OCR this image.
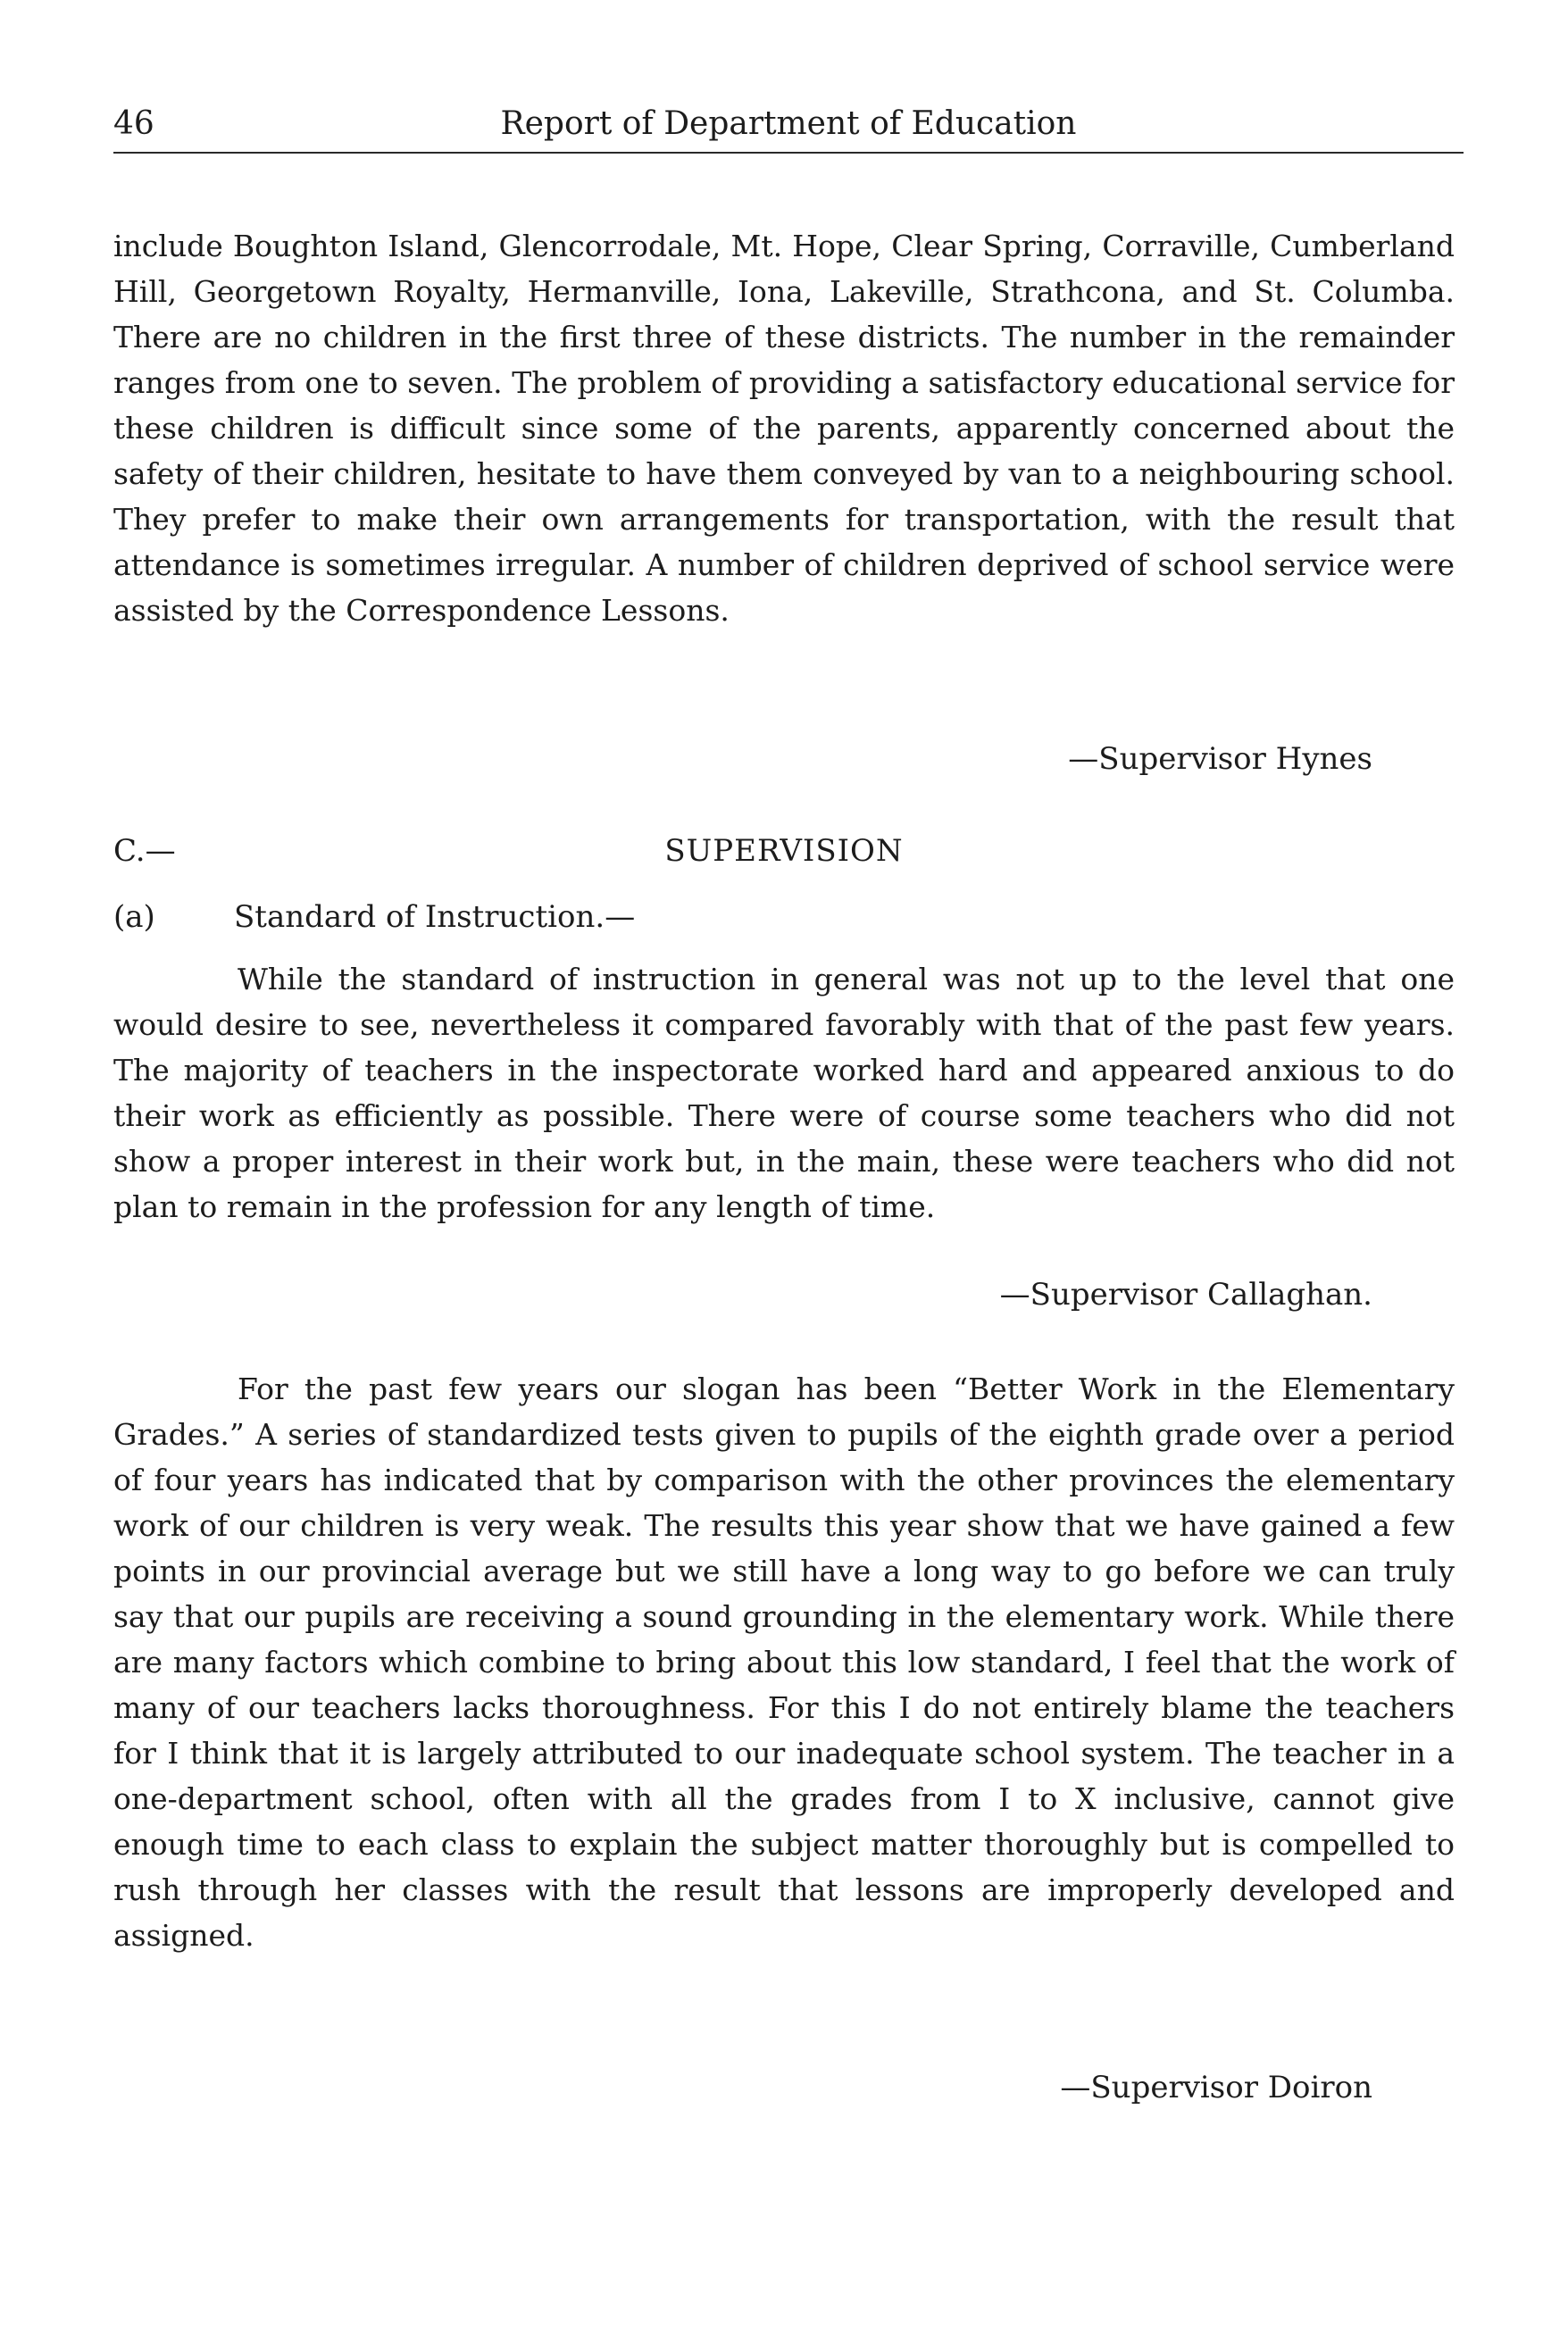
46	Report of Department of Education

include Boughton Island, Glencorrodale, Mt. Hope, Clear Spring, Corraville, Cumberland Hill, Georgetown Royalty, Hermanville, Iona, Lakeville, Strathcona, and St. Columba. There are no children in the first three of these districts. The number in the remainder ranges from one to seven. The problem of providing a satisfactory educational service for these children is difficult since some of the parents, apparently concerned about the safety of their children, hesitate to have them conveyed by van to a neighbouring school. They prefer to make their own arrangements for transportation, with the result that attendance is sometimes irregular. A number of children deprived of school service were assisted by the Correspondence Lessons.

—Supervisor Hynes
C.—	SUPERVISION
(a)	Standard of Instruction.—

While the standard of instruction in general was not up to the level that one would desire to see, nevertheless it compared favorably with that of the past few years. The majority of teachers in the inspectorate worked hard and appeared anxious to do their work as efficiently as possible. There were of course some teachers who did not show a proper interest in their work but, in the main, these were teachers who did not plan to remain in the profession for any length of time.

—Supervisor Callaghan.

For the past few years our slogan has been “Better Work in the Elementary Grades.” A series of standardized tests given to pupils of the eighth grade over a period of four years has indicated that by comparison with the other provinces the elementary work of our children is very weak. The results this year show that we have gained a few points in our provincial average but we still have a long way to go before we can truly say that our pupils are receiving a sound grounding in the elementary work. While there are many factors which combine to bring about this low standard, I feel that the work of many of our teachers lacks thoroughness. For this I do not entirely blame the teachers for I think that it is largely attributed to our inadequate school system. The teacher in a one-department school, often with all the grades from I to X inclusive, cannot give enough time to each class to explain the subject matter thoroughly but is compelled to rush through her classes with the result that lessons are improperly developed and assigned.

—Supervisor Doiron
